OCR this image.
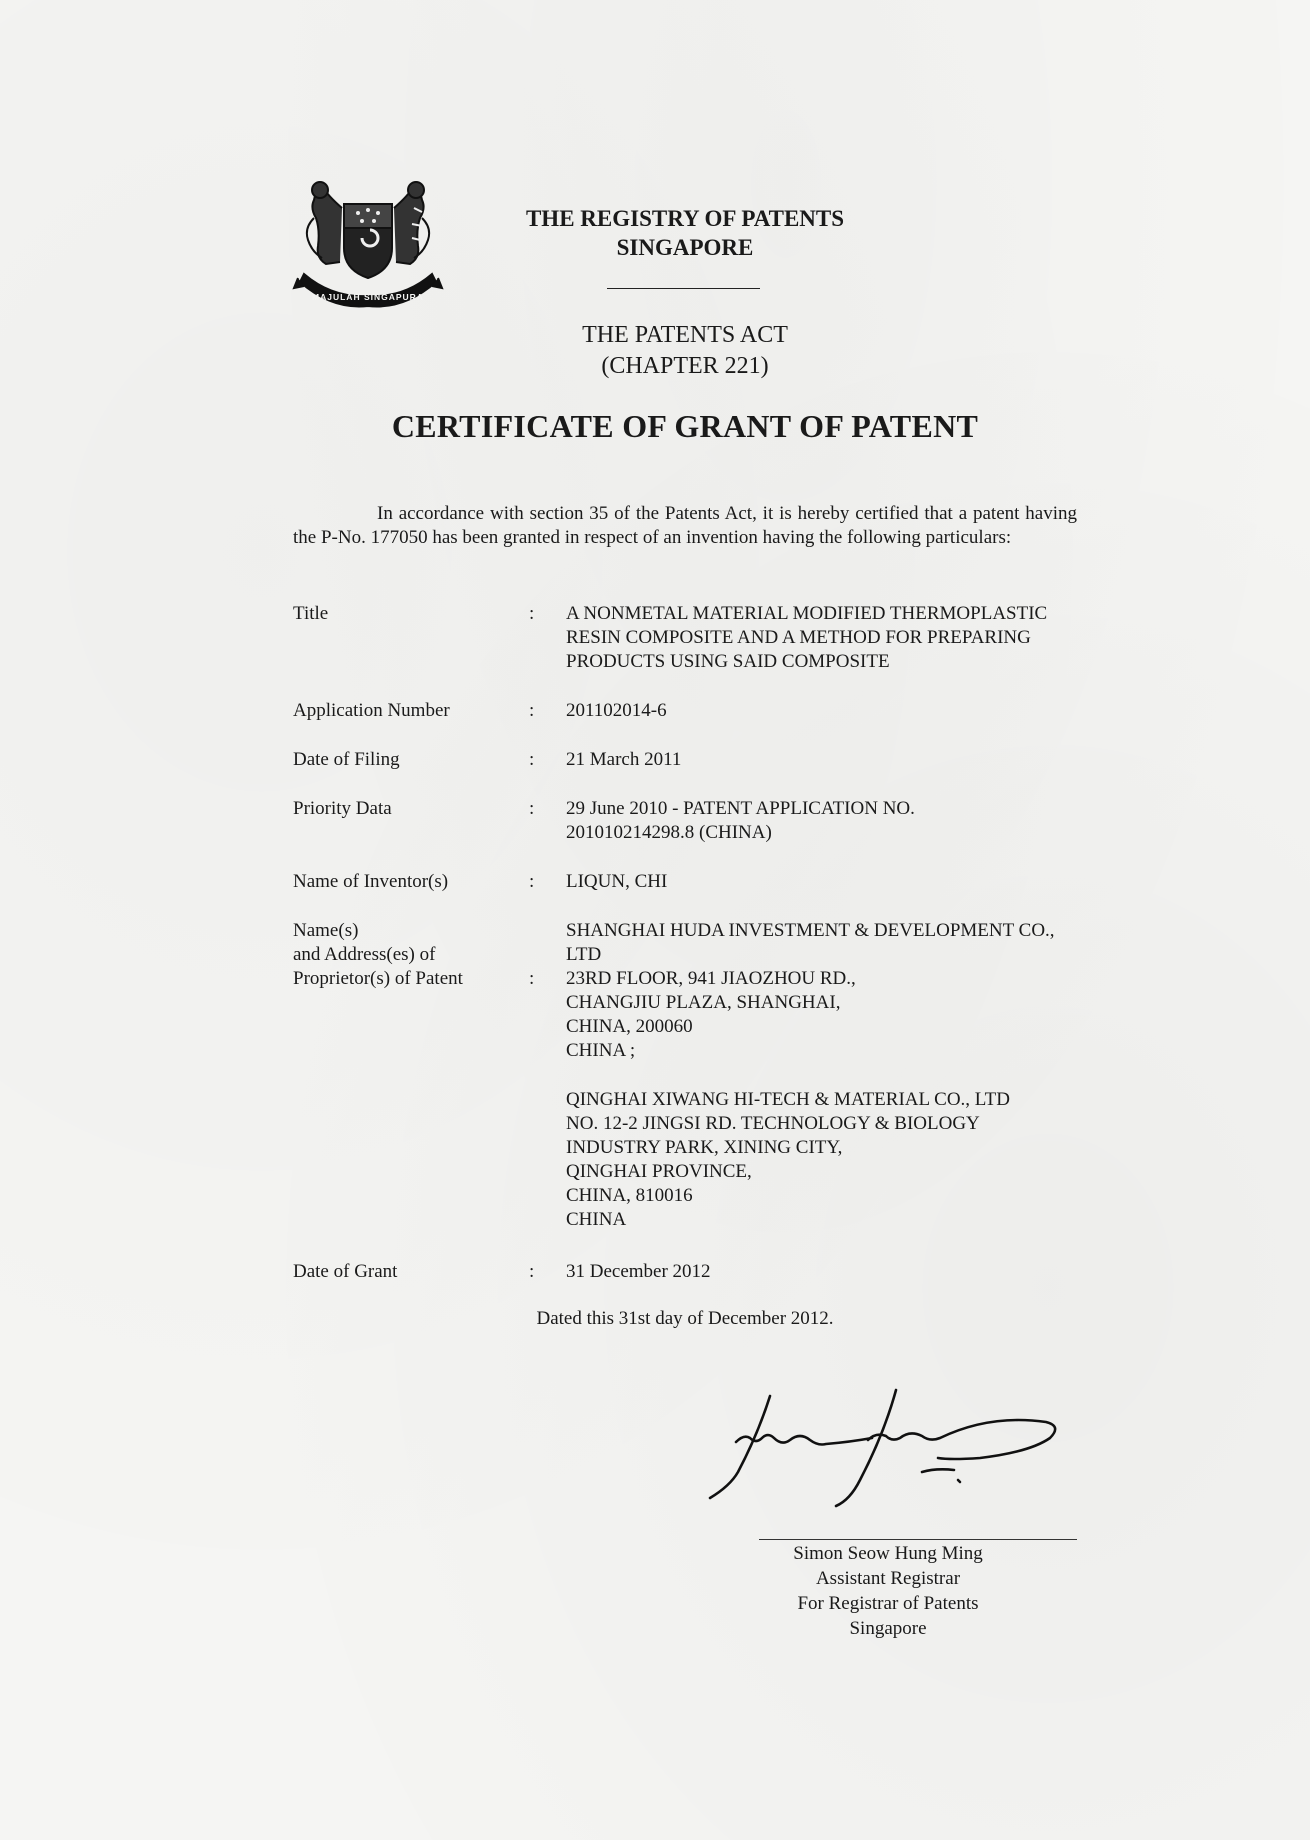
MAJULAH SINGAPURA
THE REGISTRY OF PATENTS
SINGAPORE
THE PATENTS ACT
(CHAPTER 221)
CERTIFICATE OF GRANT OF PATENT
In accordance with section 35 of the Patents Act, it is hereby certified that a patent having the P-No. 177050 has been granted in respect of an invention having the following particulars:
Title	: A NONMETAL MATERIAL MODIFIED THERMOPLASTIC
RESIN COMPOSITE AND A METHOD FOR PREPARING
PRODUCTS USING SAID COMPOSITE
Application Number	: 201102014-6
Date of Filing	: 21 March 2011
Priority Data	: 29 June 2010 - PATENT APPLICATION NO.
201010214298.8 (CHINA)
Name of Inventor(s)	: LIQUN, CHI
Name(s)
and Address(es) of
Proprietor(s) of Patent	:
SHANGHAI HUDA INVESTMENT & DEVELOPMENT CO.,
LTD
23RD FLOOR, 941 JIAOZHOU RD.,
CHANGJIU PLAZA, SHANGHAI,
CHINA, 200060
CHINA ;
QINGHAI XIWANG HI-TECH & MATERIAL CO., LTD
NO. 12-2 JINGSI RD. TECHNOLOGY & BIOLOGY
INDUSTRY PARK, XINING CITY,
QINGHAI PROVINCE,
CHINA, 810016
CHINA
Date of Grant	: 31 December 2012
Dated this 31st day of December 2012.
Simon Seow Hung Ming
Assistant Registrar
For Registrar of Patents
Singapore
